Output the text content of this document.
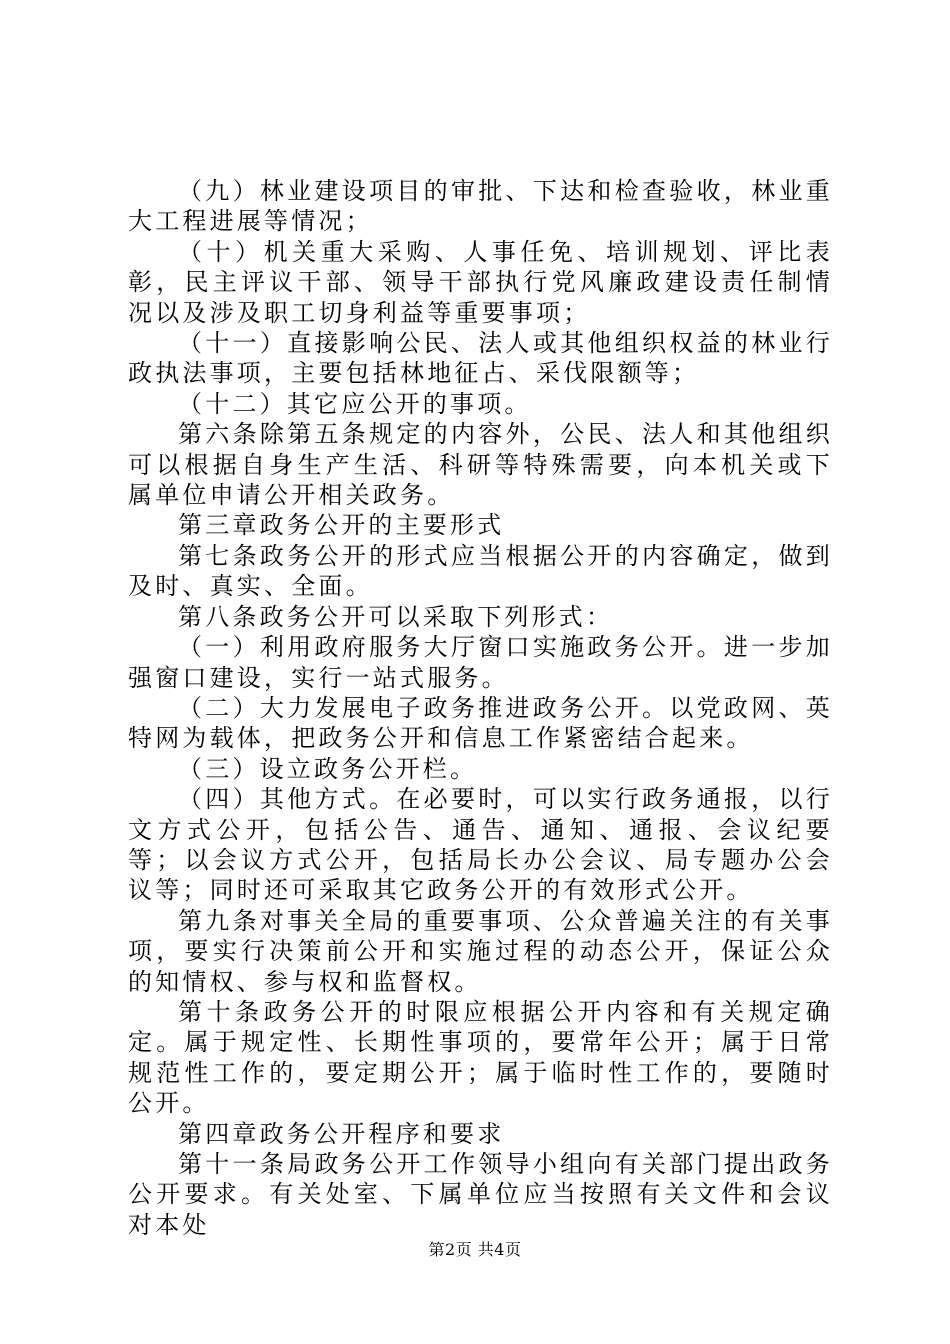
（九）林业建设项目的审批、下达和检查验收，林业重大工程进展等情况；

（十）机关重大采购、人事任免、培训规划、评比表彰，民主评议干部、领导干部执行党风廉政建设责任制情况以及涉及职工切身利益等重要事项；

（十一）直接影响公民、法人或其他组织权益的林业行政执法事项，主要包括林地征占、采伐限额等；

（十二）其它应公开的事项。

第六条除第五条规定的内容外，公民、法人和其他组织可以根据自身生产生活、科研等特殊需要，向本机关或下属单位申请公开相关政务。

第三章政务公开的主要形式

第七条政务公开的形式应当根据公开的内容确定，做到及时、真实、全面。

第八条政务公开可以采取下列形式：

（一）利用政府服务大厅窗口实施政务公开。进一步加强窗口建设，实行一站式服务。

（二）大力发展电子政务推进政务公开。以党政网、英特网为载体，把政务公开和信息工作紧密结合起来。

（三）设立政务公开栏。

（四）其他方式。在必要时，可以实行政务通报，以行文方式公开，包括公告、通告、通知、通报、会议纪要等；以会议方式公开，包括局长办公会议、局专题办公会议等；同时还可采取其它政务公开的有效形式公开。

第九条对事关全局的重要事项、公众普遍关注的有关事项，要实行决策前公开和实施过程的动态公开，保证公众的知情权、参与权和监督权。

第十条政务公开的时限应根据公开内容和有关规定确定。属于规定性、长期性事项的，要常年公开；属于日常规范性工作的，要定期公开；属于临时性工作的，要随时公开。

第四章政务公开程序和要求

第十一条局政务公开工作领导小组向有关部门提出政务公开要求。有关处室、下属单位应当按照有关文件和会议对本处

第2页 共4页
